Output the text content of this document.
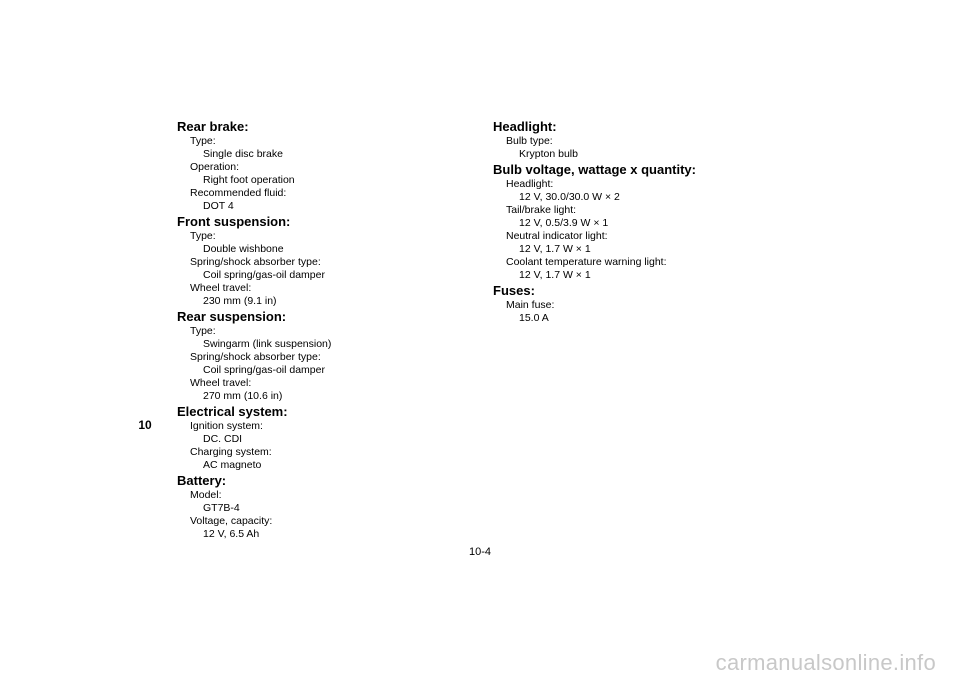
10

Rear brake:

Type:

Single disc brake

Operation:

Right foot operation

Recommended fluid:

DOT 4

Front suspension:

Type:

Double wishbone

Spring/shock absorber type:

Coil spring/gas-oil damper

Wheel travel:

230 mm (9.1 in)

Rear suspension:

Type:

Swingarm (link suspension)

Spring/shock absorber type:

Coil spring/gas-oil damper

Wheel travel:

270 mm (10.6 in)

Electrical system:

Ignition system:

DC. CDI

Charging system:

AC magneto

Battery:

Model:

GT7B-4

Voltage, capacity:

12 V, 6.5 Ah

Headlight:

Bulb type:

Krypton bulb

Bulb voltage, wattage x quantity:

Headlight:

12 V, 30.0/30.0 W × 2

Tail/brake light:

12 V, 0.5/3.9 W × 1

Neutral indicator light:

12 V, 1.7 W × 1

Coolant temperature warning light:

12 V, 1.7 W × 1

Fuses:

Main fuse:

15.0 A

10-4
carmanualsonline.info
